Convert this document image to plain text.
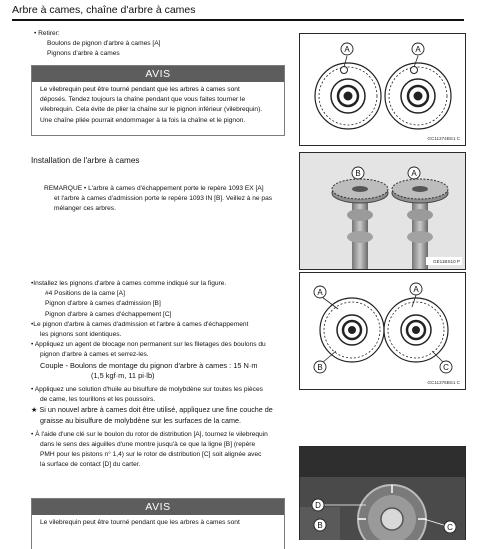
Arbre à cames, chaîne d'arbre à cames
• Retirer:
Boulons de pignon d'arbre à cames [A]
Pignons d'arbre à cames
AVIS
Le vilebrequin peut être tourné pendant que les arbres à cames sont
déposés. Tendez toujours la chaîne pendant que vous faites tourner le
vilebrequin. Cela évite de plier la chaîne sur le pignon inférieur (vilebrequin).
Une chaîne pliée pourrait endommager à la fois la chaîne et le pignon.
A	A
GC11374BS1 C
Installation de l'arbre à cames
REMARQUE • L'arbre à cames d'échappement porte le repère 1093 EX [A]
et l'arbre à cames d'admission porte le repère 1093 IN [B]. Veillez à ne pas
mélanger ces arbres.
B	A
GE11BS10 P
•Installez les pignons d'arbre à cames comme indiqué sur la figure.
#4 Positions de la came [A]
Pignon d'arbre à cames d'admission [B]
Pignon d'arbre à cames d'échappement [C]
•Le pignon d'arbre à cames d'admission et l'arbre à cames d'échappement
les pignons sont identiques.
• Appliquez un agent de blocage non permanent sur les filetages des boulons du
pignon d'arbre à cames et serrez-les.
Couple - Boulons de montage du pignon d'arbre à cames : 15 N·m
(1,5 kgf·m, 11 pi·lb)
• Appliquez une solution d'huile au bisulfure de molybdène sur toutes les pièces
de came, les tourillons et les poussoirs.
★ Si un nouvel arbre à cames doit être utilisé, appliquez une fine couche de
graisse au bisulfure de molybdène sur les surfaces de la came.
• À l'aide d'une clé sur le boulon du rotor de distribution [A], tournez le vilebrequin
dans le sens des aiguilles d'une montre jusqu'à ce que la ligne [B] (repère
PMH pour les pistons n° 1,4) sur le rotor de distribution [C] soit alignée avec
la surface de contact [D] du carter.
A	A
B	C
GC11376BS1 C
D
B	C
AVIS
Le vilebrequin peut être tourné pendant que les arbres à cames sont
